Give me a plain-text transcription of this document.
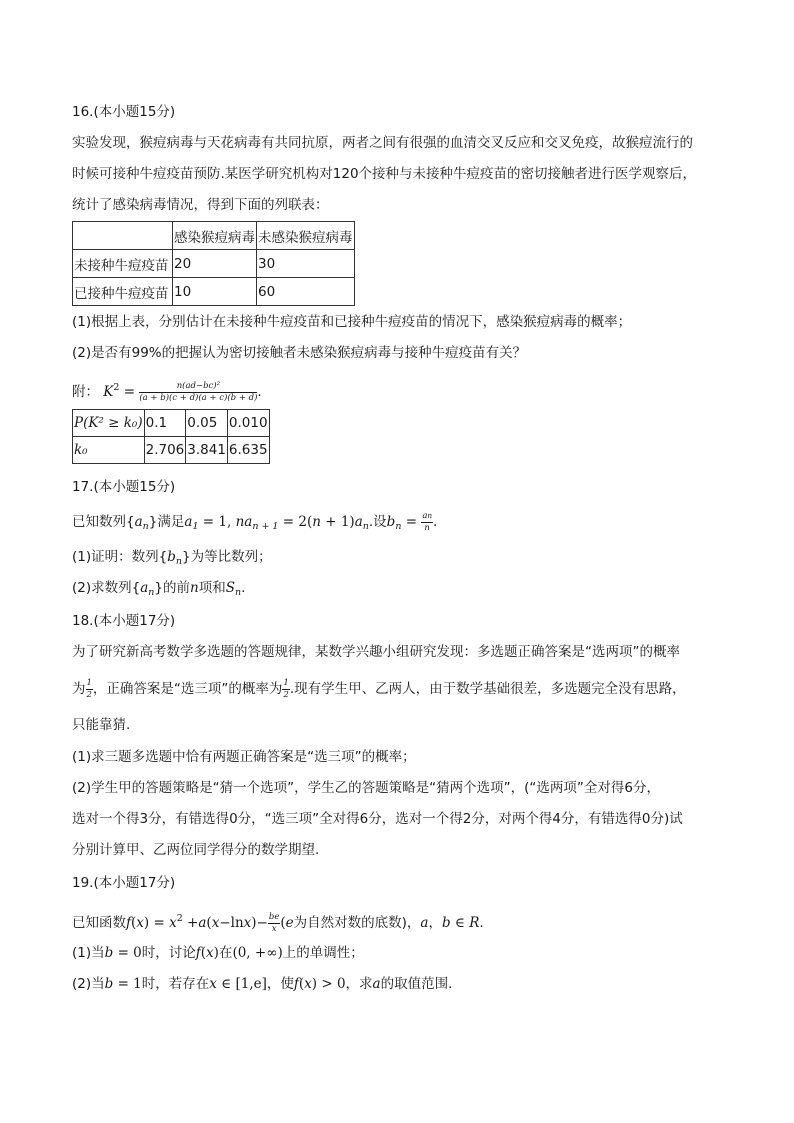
16.(本小题15分)
实验发现，猴痘病毒与天花病毒有共同抗原，两者之间有很强的血清交叉反应和交叉免疫，故猴痘流行的
时候可接种牛痘疫苗预防.某医学研究机构对120个接种与未接种牛痘疫苗的密切接触者进行医学观察后，
统计了感染病毒情况，得到下面的列联表：
	感染猴痘病毒	未感染猴痘病毒
未接种牛痘疫苗	20	30
已接种牛痘疫苗	10	60
(1)根据上表，分别估计在未接种牛痘疫苗和已接种牛痘疫苗的情况下，感染猴痘病毒的概率；
(2)是否有99%的把握认为密切接触者未感染猴痘病毒与接种牛痘疫苗有关？
附： $K^2 = \frac{\text{n(ad−bc)²}}{(a + b)(c + d)(a + c)(b + d)}$ .
P(K² ≥ k₀)	0.1	0.05	0.010
k₀	2.706	3.841	6.635
17.(本小题15分)
已知数列$\{a_n\}$满足$a_1 = 1$, $na_{n + 1} = 2(n + 1)a_n$.设$b_n = \frac{an}{n}$ .
(1)证明：数列$\{b_n\}$为等比数列；
(2)求数列$\{a_n\}$的前n项和$S_n$.
18.(本小题17分)
为了研究新高考数学多选题的答题规律，某数学兴趣小组研究发现：多选题正确答案是“选两项”的概率
为 $\frac{1}{2}$ ，正确答案是“选三项”的概率为 $\frac{1}{2}$ .现有学生甲、乙两人，由于数学基础很差，多选题完全没有思路，
只能靠猜.
(1)求三题多选题中恰有两题正确答案是“选三项”的概率；
(2)学生甲的答题策略是“猜一个选项”，学生乙的答题策略是“猜两个选项”，(“选两项”全对得6分，
选对一个得3分，有错选得0分，“选三项”全对得6分，选对一个得2分，对两个得4分，有错选得0分)试
分别计算甲、乙两位同学得分的数学期望.
19.(本小题17分)
已知函数$f(x) = x^2 +a(x-\ln x)- \frac{be}{x} (e$为自然对数的底数)，a，b ∈ R.
(1)当b = 0时，讨论f(x)在(0, +∞)上的单调性；
(2)当b = 1时，若存在x ∈ [1,e]，使f(x) > 0，求a的取值范围.
